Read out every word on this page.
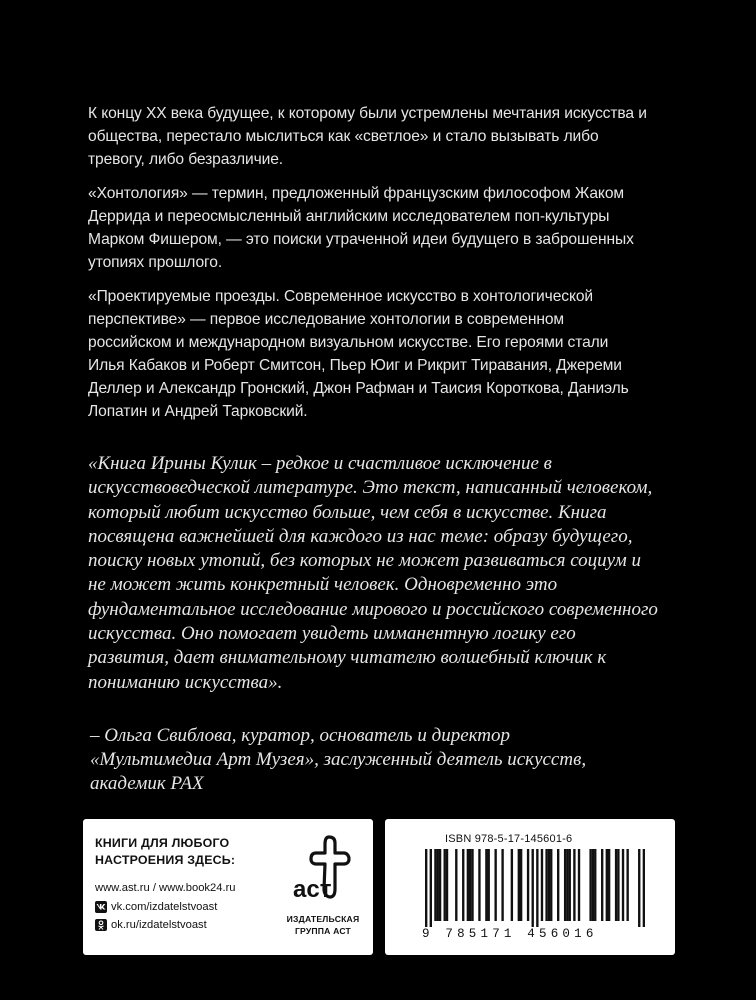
К концу XX века будущее, к которому были устремлены мечтания искусства и общества, перестало мыслиться как «светлое» и стало вызывать либо тревогу, либо безразличие.

«Хонтология» — термин, предложенный французским философом Жаком Деррида и переосмысленный английским исследователем поп-культуры Марком Фишером, — это поиски утраченной идеи будущего в заброшенных утопиях прошлого.

«Проектируемые проезды. Современное искусство в хонтологической перспективе» — первое исследование хонтологии в современном российском и международном визуальном искусстве. Его героями стали Илья Кабаков и Роберт Смитсон, Пьер Юиг и Рикрит Тиравания, Джереми Деллер и Александр Гронский, Джон Рафман и Таисия Короткова, Даниэль Лопатин и Андрей Тарковский.

«Книга Ирины Кулик – редкое и счастливое исключение в искусствоведческой литературе. Это текст, написанный человеком, который любит искусство больше, чем себя в искусстве. Книга посвящена важнейшей для каждого из нас теме: образу будущего, поиску новых утопий, без которых не может развиваться социум и не может жить конкретный человек. Одновременно это фундаментальное исследование мирового и российского современного искусства. Оно помогает увидеть имманентную логику его развития, дает внимательному читателю волшебный ключик к пониманию искусства».

– Ольга Свиблова, куратор, основатель и директор
«Мультимедиа Арт Музея», заслуженный деятель искусств,
академик РАХ
КНИГИ ДЛЯ ЛЮБОГО
НАСТРОЕНИЯ ЗДЕСЬ:
www.ast.ru / www.book24.ru
vk.com/izdatelstvoast
ok.ru/izdatelstvoast
аст
ИЗДАТЕЛЬСКАЯ
ГРУППА АСТ
ISBN 978-5-17-145601-6
9 785171 456016
